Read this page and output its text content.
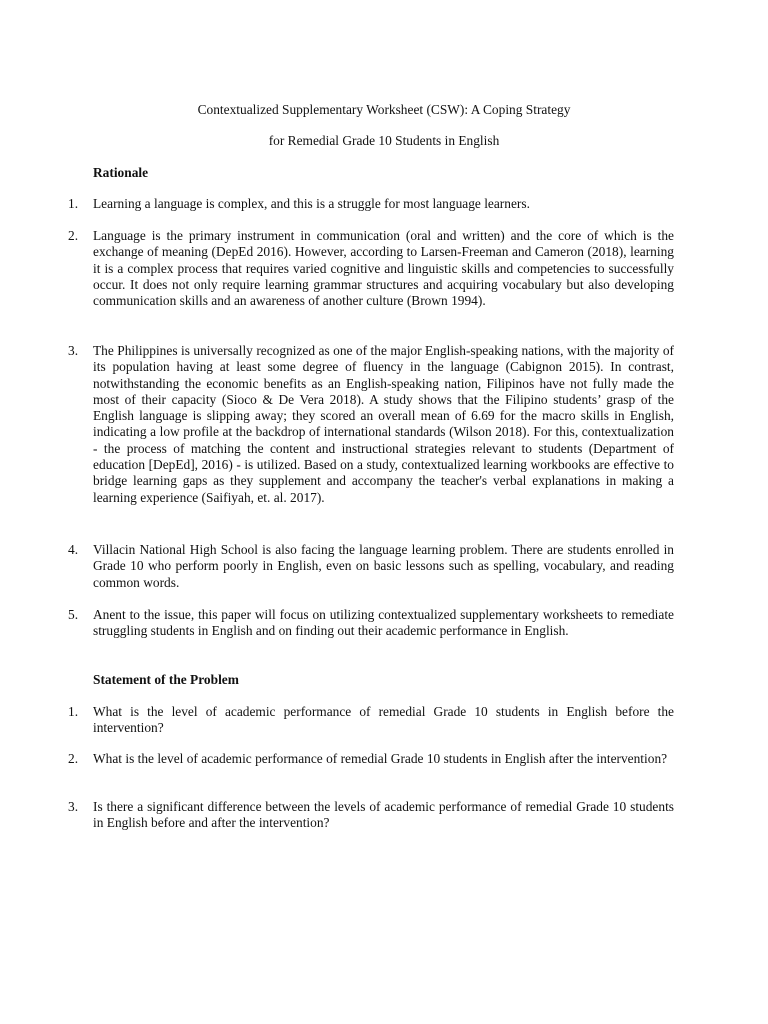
Contextualized Supplementary Worksheet (CSW): A Coping Strategy
for Remedial Grade 10 Students in English
Rationale
1.	Learning a language is complex, and this is a struggle for most language learners.
2.	Language is the primary instrument in communication (oral and written) and the core of which is the exchange of meaning (DepEd 2016). However, according to Larsen-Freeman and Cameron (2018), learning it is a complex process that requires varied cognitive and linguistic skills and competencies to successfully occur. It does not only require learning grammar structures and acquiring vocabulary but also developing communication skills and an awareness of another culture (Brown 1994).
3.	The Philippines is universally recognized as one of the major English-speaking nations, with the majority of its population having at least some degree of fluency in the language (Cabignon 2015). In contrast, notwithstanding the economic benefits as an English-speaking nation, Filipinos have not fully made the most of their capacity (Sioco & De Vera 2018). A study shows that the Filipino students’ grasp of the English language is slipping away; they scored an overall mean of 6.69 for the macro skills in English, indicating a low profile at the backdrop of international standards (Wilson 2018). For this, contextualization - the process of matching the content and instructional strategies relevant to students (Department of education [DepEd], 2016) - is utilized. Based on a study, contextualized learning workbooks are effective to bridge learning gaps as they supplement and accompany the teacher's verbal explanations in making a learning experience (Saifiyah, et. al. 2017).
4.	Villacin National High School is also facing the language learning problem. There are students enrolled in Grade 10 who perform poorly in English, even on basic lessons such as spelling, vocabulary, and reading common words.
5.	Anent to the issue, this paper will focus on utilizing contextualized supplementary worksheets to remediate struggling students in English and on finding out their academic performance in English.
Statement of the Problem
1.	What is the level of academic performance of remedial Grade 10 students in English before the intervention?
2.	What is the level of academic performance of remedial Grade 10 students in English after the intervention?
3.	Is there a significant difference between the levels of academic performance of remedial Grade 10 students in English before and after the intervention?
